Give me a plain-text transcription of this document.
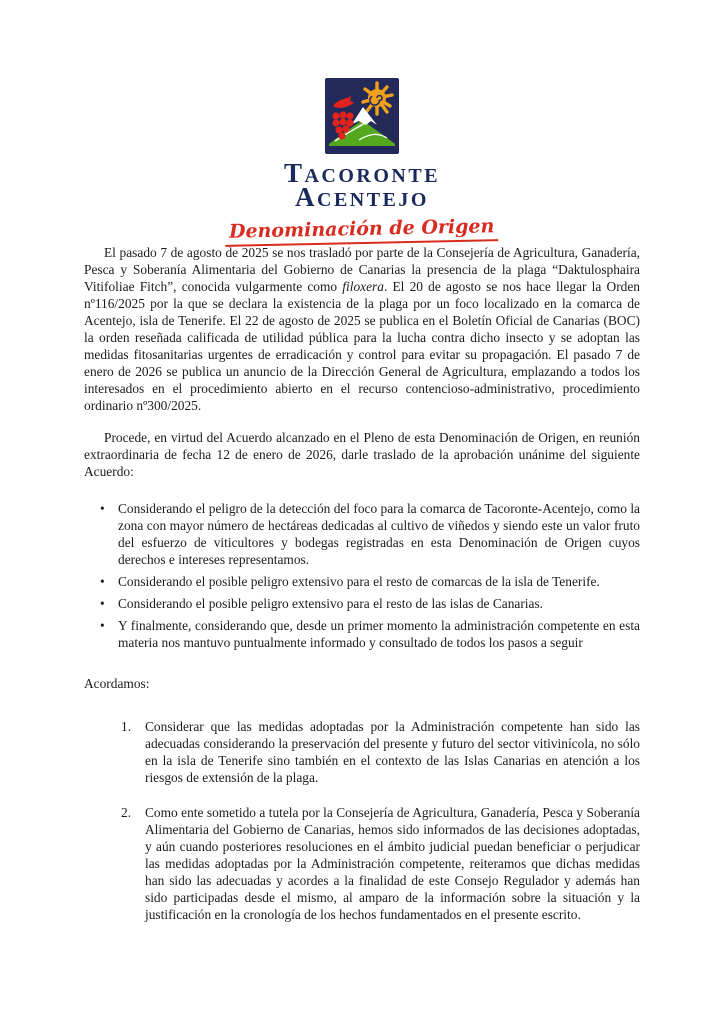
TACORONTE
ACENTEJO
Denominación de Origen

El pasado 7 de agosto de 2025 se nos trasladó por parte de la Consejería de Agricultura, Ganadería, Pesca y Soberanía Alimentaria del Gobierno de Canarias la presencia de la plaga “Daktulosphaira Vitifoliae Fitch”, conocida vulgarmente como filoxera. El 20 de agosto se nos hace llegar la Orden nº116/2025 por la que se declara la existencia de la plaga por un foco localizado en la comarca de Acentejo, isla de Tenerife. El 22 de agosto de 2025 se publica en el Boletín Oficial de Canarias (BOC) la orden reseñada calificada de utilidad pública para la lucha contra dicho insecto y se adoptan las medidas fitosanitarias urgentes de erradicación y control para evitar su propagación. El pasado 7 de enero de 2026 se publica un anuncio de la Dirección General de Agricultura, emplazando a todos los interesados en el procedimiento abierto en el recurso contencioso-administrativo, procedimiento ordinario nº300/2025.

Procede, en virtud del Acuerdo alcanzado en el Pleno de esta Denominación de Origen, en reunión extraordinaria de fecha 12 de enero de 2026, darle traslado de la aprobación unánime del siguiente Acuerdo:

• Considerando el peligro de la detección del foco para la comarca de Tacoronte-Acentejo, como la zona con mayor número de hectáreas dedicadas al cultivo de viñedos y siendo este un valor fruto del esfuerzo de viticultores y bodegas registradas en esta Denominación de Origen cuyos derechos e intereses representamos.
• Considerando el posible peligro extensivo para el resto de comarcas de la isla de Tenerife.
• Considerando el posible peligro extensivo para el resto de las islas de Canarias.
• Y finalmente, considerando que, desde un primer momento la administración competente en esta materia nos mantuvo puntualmente informado y consultado de todos los pasos a seguir

Acordamos:

1. Considerar que las medidas adoptadas por la Administración competente han sido las adecuadas considerando la preservación del presente y futuro del sector vitivinícola, no sólo en la isla de Tenerife sino también en el contexto de las Islas Canarias en atención a los riesgos de extensión de la plaga.
2. Como ente sometido a tutela por la Consejería de Agricultura, Ganadería, Pesca y Soberanía Alimentaria del Gobierno de Canarias, hemos sido informados de las decisiones adoptadas, y aún cuando posteriores resoluciones en el ámbito judicial puedan beneficiar o perjudicar las medidas adoptadas por la Administración competente, reiteramos que dichas medidas han sido las adecuadas y acordes a la finalidad de este Consejo Regulador y además han sido participadas desde el mismo, al amparo de la información sobre la situación y la justificación en la cronología de los hechos fundamentados en el presente escrito.
